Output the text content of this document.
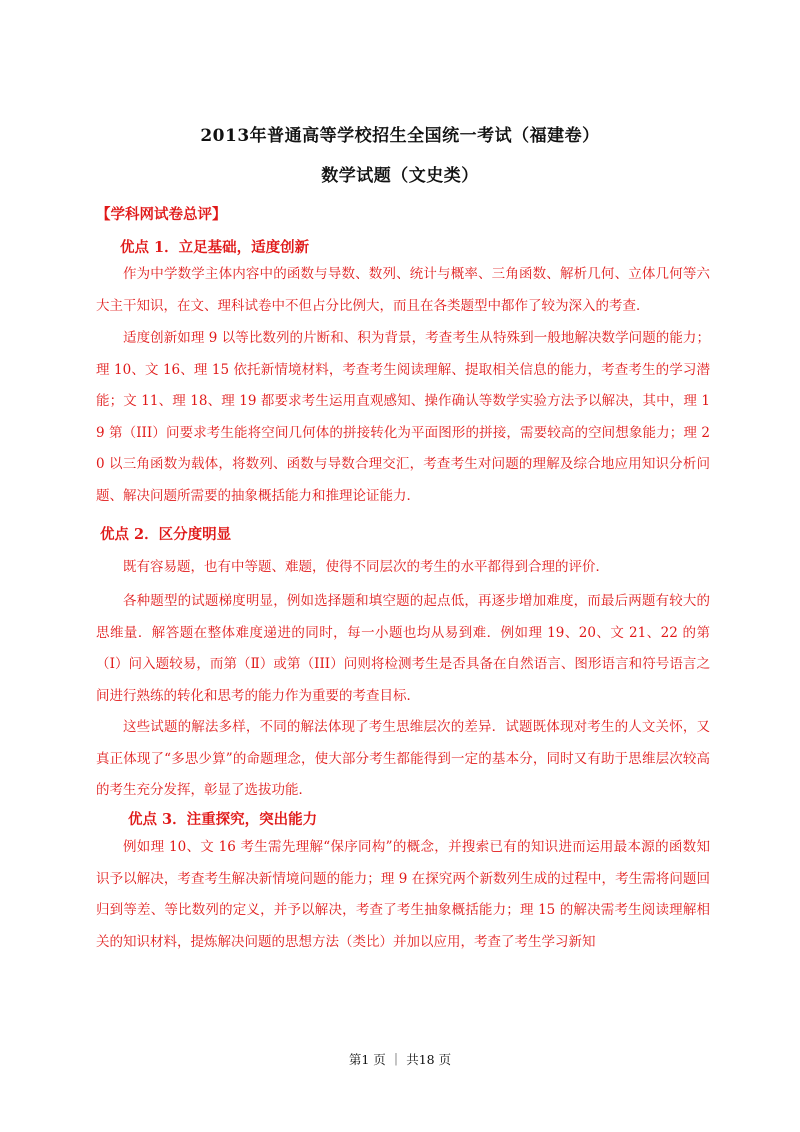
2013年普通高等学校招生全国统一考试（福建卷）
数学试题（文史类）
【学科网试卷总评】
优点 1．立足基础，适度创新

作为中学数学主体内容中的函数与导数、数列、统计与概率、三角函数、解析几何、立体几何等六大主干知识，在文、理科试卷中不但占分比例大，而且在各类题型中都作了较为深入的考查．

适度创新如理 9 以等比数列的片断和、积为背景，考查考生从特殊到一般地解决数学问题的能力；理 10、文 16、理 15 依托新情境材料，考查考生阅读理解、提取相关信息的能力，考查考生的学习潜能；文 11、理 18、理 19 都要求考生运用直观感知、操作确认等数学实验方法予以解决，其中，理 19 第（III）问要求考生能将空间几何体的拼接转化为平面图形的拼接，需要较高的空间想象能力；理 20 以三角函数为载体，将数列、函数与导数合理交汇，考查考生对问题的理解及综合地应用知识分析问题、解决问题所需要的抽象概括能力和推理论证能力．

优点 2．区分度明显

既有容易题，也有中等题、难题，使得不同层次的考生的水平都得到合理的评价．

各种题型的试题梯度明显，例如选择题和填空题的起点低，再逐步增加难度，而最后两题有较大的思维量．解答题在整体难度递进的同时，每一小题也均从易到难．例如理 19、20、文 21、22 的第（Ⅰ）问入题较易，而第（Ⅱ）或第（III）问则将检测考生是否具备在自然语言、图形语言和符号语言之间进行熟练的转化和思考的能力作为重要的考查目标．

这些试题的解法多样，不同的解法体现了考生思维层次的差异．试题既体现对考生的人文关怀，又真正体现了“多思少算”的命题理念，使大部分考生都能得到一定的基本分，同时又有助于思维层次较高的考生充分发挥，彰显了选拔功能．

优点 3．注重探究，突出能力

例如理 10、文 16 考生需先理解“保序同构”的概念，并搜索已有的知识进而运用最本源的函数知识予以解决，考查考生解决新情境问题的能力；理 9 在探究两个新数列生成的过程中，考生需将问题回归到等差、等比数列的定义，并予以解决，考查了考生抽象概括能力；理 15 的解决需考生阅读理解相关的知识材料，提炼解决问题的思想方法（类比）并加以应用，考查了考生学习新知

第1 页 ｜ 共18 页
